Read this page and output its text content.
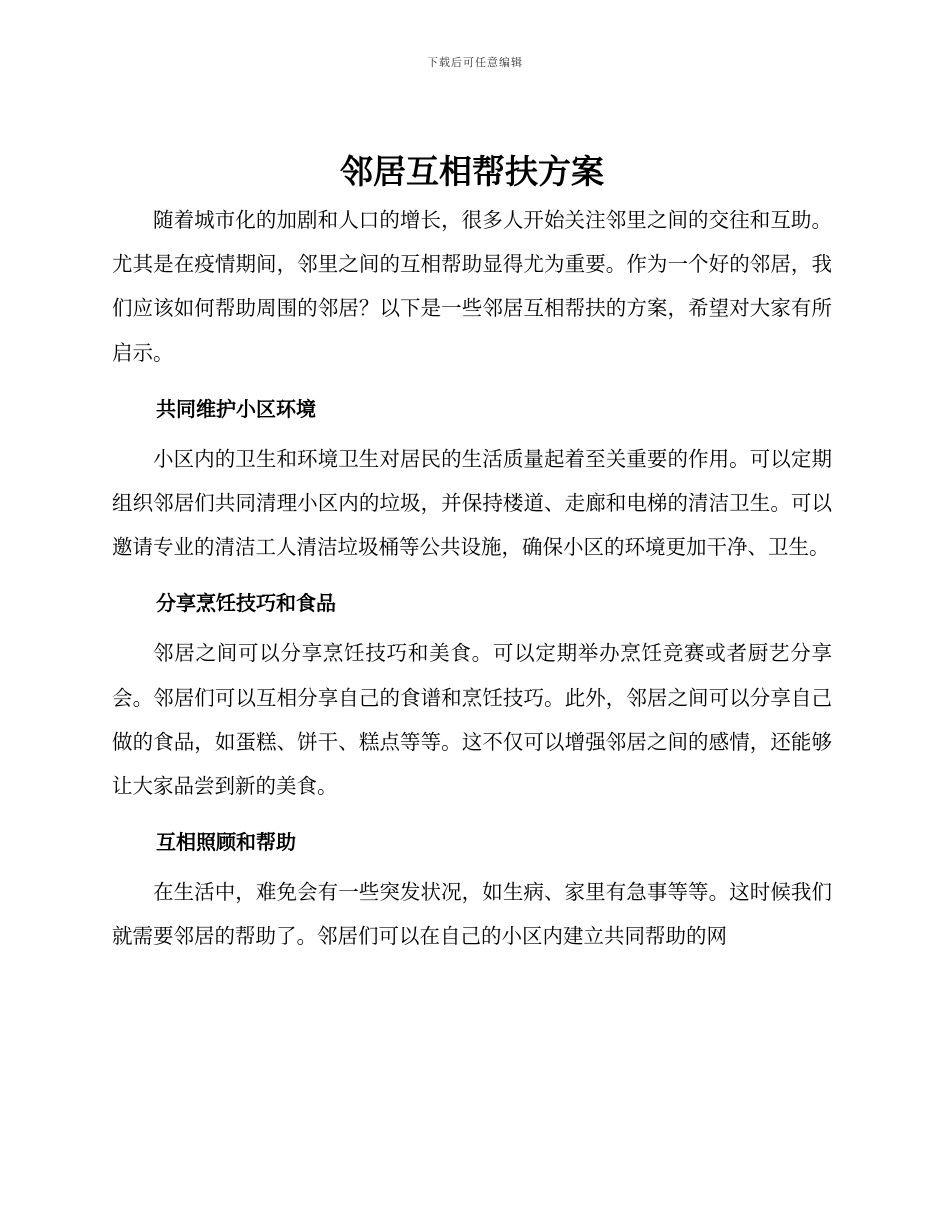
下载后可任意编辑
邻居互相帮扶方案

随着城市化的加剧和人口的增长，很多人开始关注邻里之间的交往和互助。尤其是在疫情期间，邻里之间的互相帮助显得尤为重要。作为一个好的邻居，我们应该如何帮助周围的邻居？以下是一些邻居互相帮扶的方案，希望对大家有所启示。

共同维护小区环境

小区内的卫生和环境卫生对居民的生活质量起着至关重要的作用。可以定期组织邻居们共同清理小区内的垃圾，并保持楼道、走廊和电梯的清洁卫生。可以邀请专业的清洁工人清洁垃圾桶等公共设施，确保小区的环境更加干净、卫生。

分享烹饪技巧和食品

邻居之间可以分享烹饪技巧和美食。可以定期举办烹饪竞赛或者厨艺分享会。邻居们可以互相分享自己的食谱和烹饪技巧。此外，邻居之间可以分享自己做的食品，如蛋糕、饼干、糕点等等。这不仅可以增强邻居之间的感情，还能够让大家品尝到新的美食。

互相照顾和帮助

在生活中，难免会有一些突发状况，如生病、家里有急事等等。这时候我们就需要邻居的帮助了。邻居们可以在自己的小区内建立共同帮助的网
